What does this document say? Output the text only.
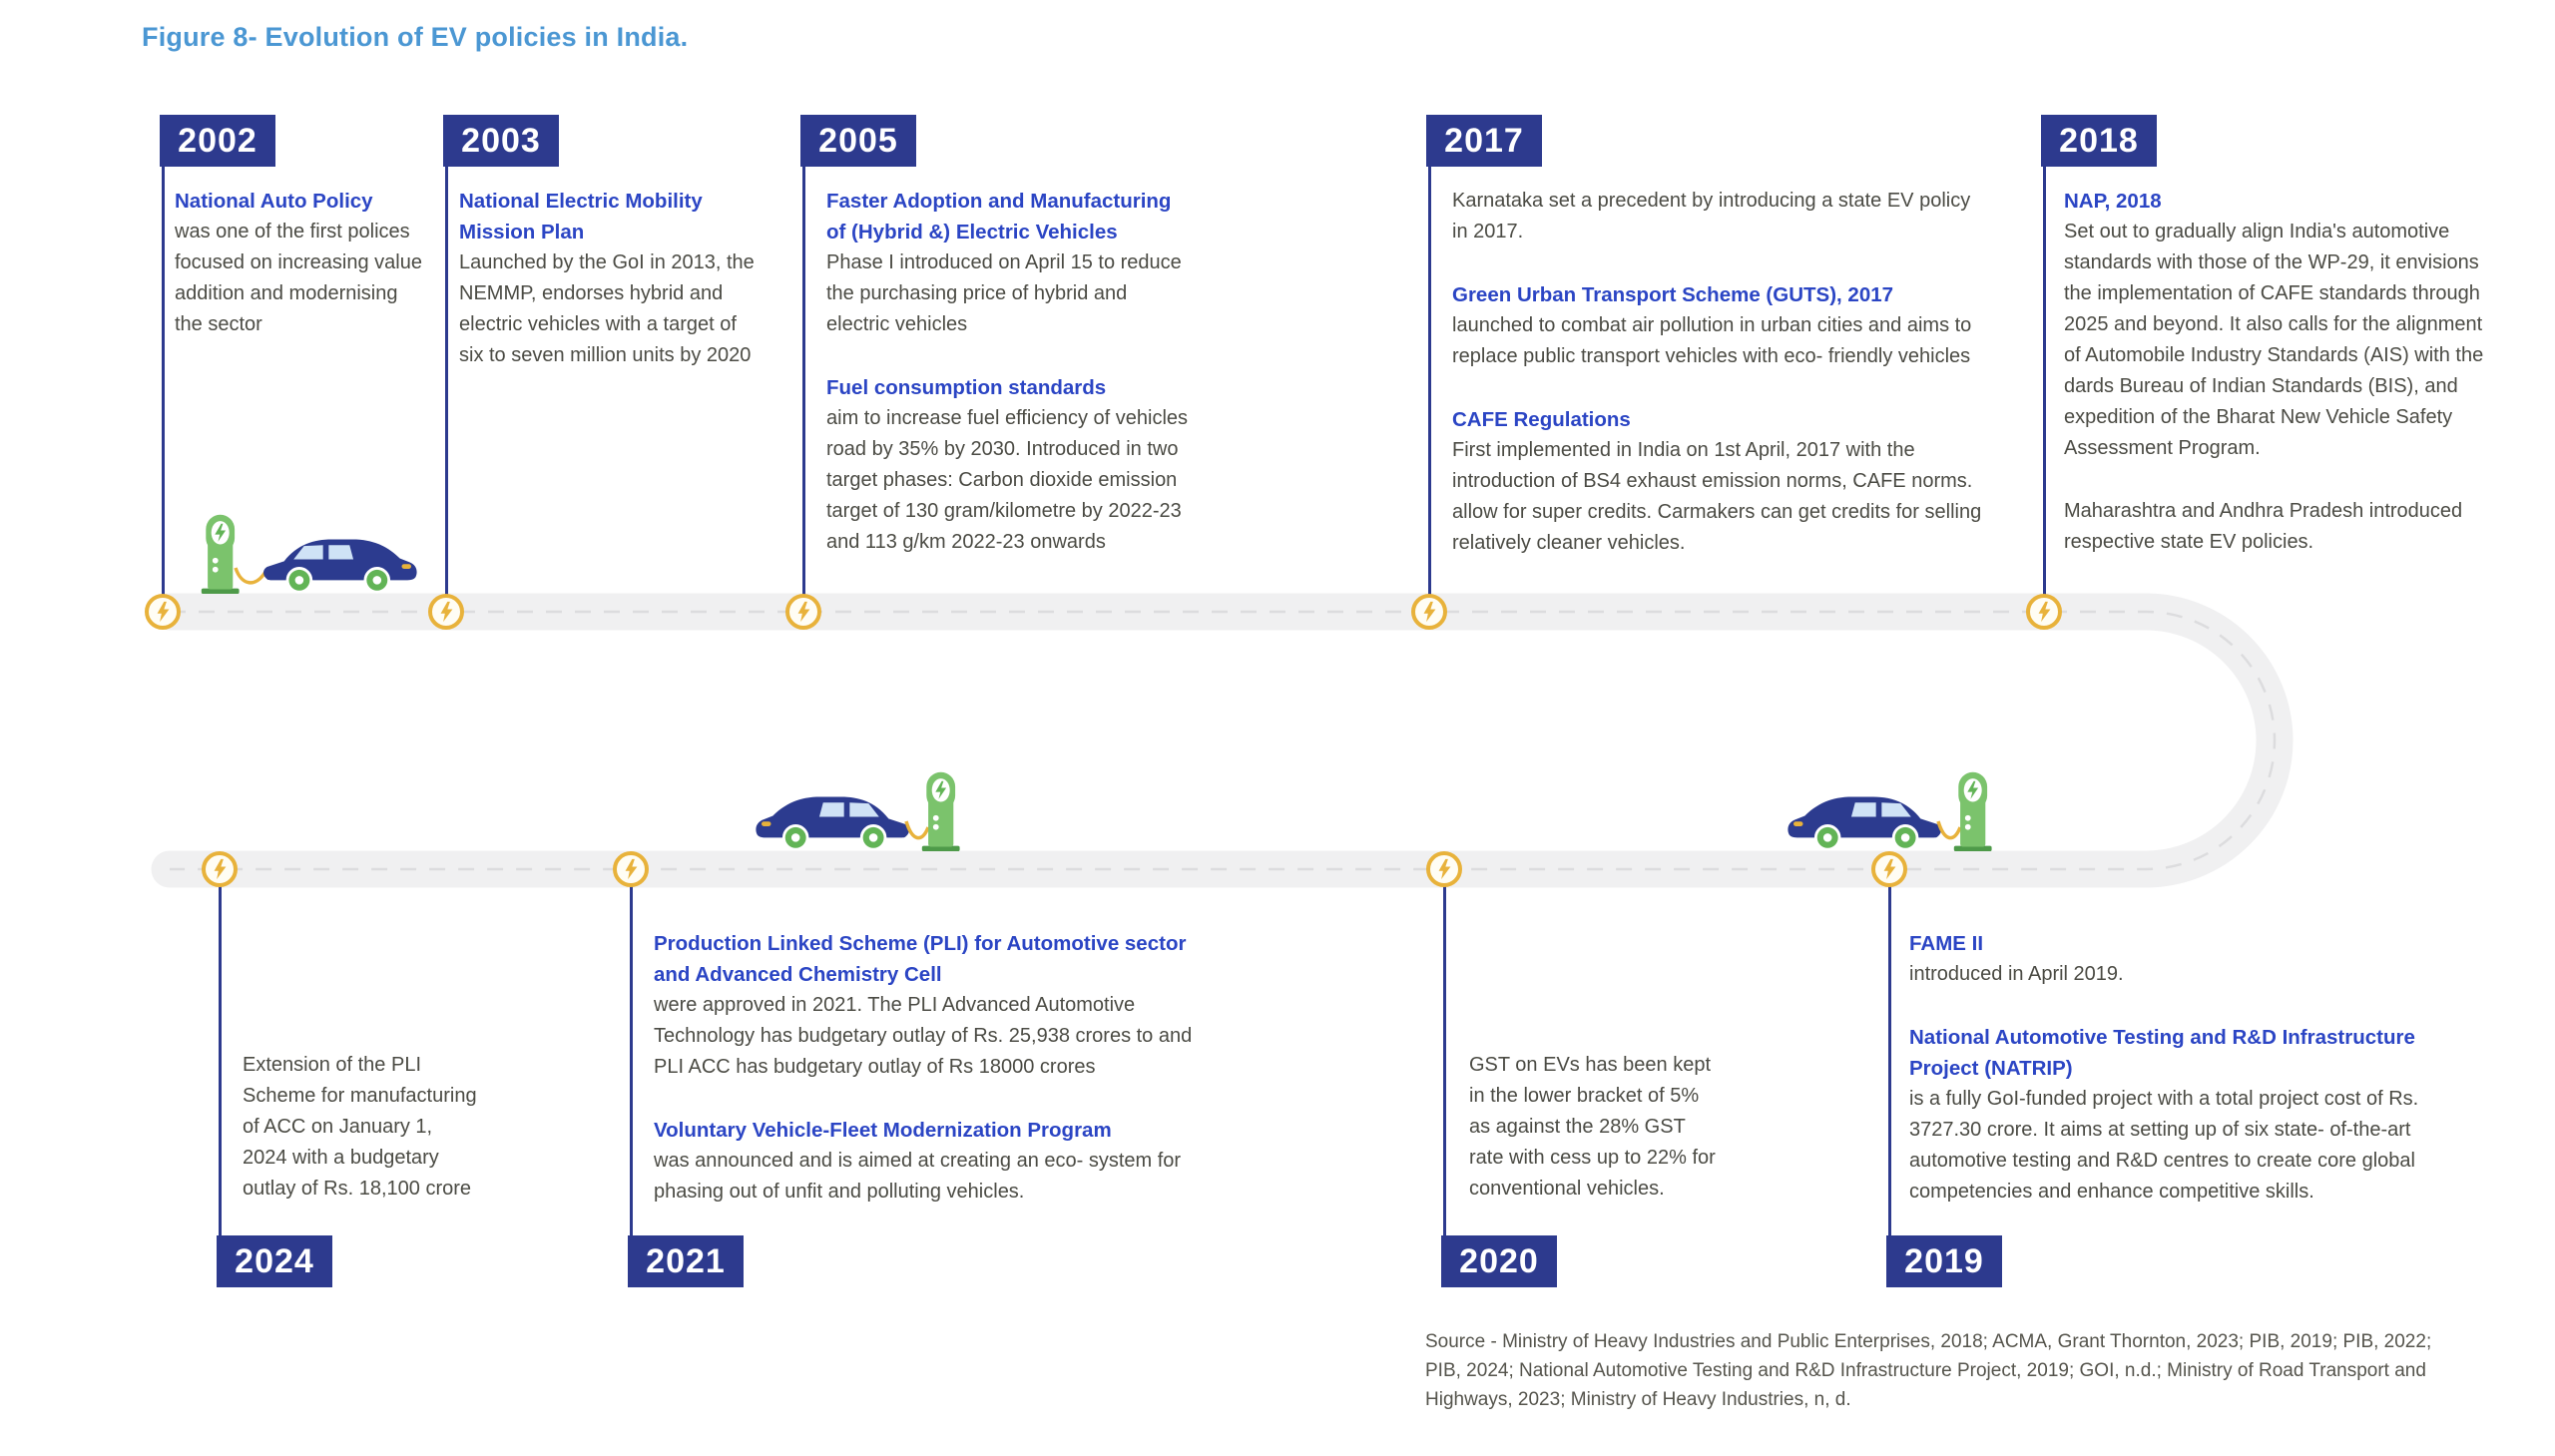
Figure 8- Evolution of EV policies in India.
2002	2003	2005	2017	2018
2024	2021	2020	2019
National Auto Policy
was one of the first polices focused on increasing value addition and modernising the sector
National Electric Mobility Mission Plan
Launched by the GoI in 2013, the NEMMP, endorses hybrid and electric vehicles with a target of six to seven million units by 2020
Faster Adoption and Manufacturing of (Hybrid &) Electric Vehicles
Phase I introduced on April 15 to reduce the purchasing price of hybrid and electric vehicles
Fuel consumption standards
aim to increase fuel efficiency of vehicles road by 35% by 2030. Introduced in two target phases: Carbon dioxide emission target of 130 gram/kilometre by 2022-23 and 113 g/km 2022-23 onwards
Karnataka set a precedent by introducing a state EV policy in 2017.
Green Urban Transport Scheme (GUTS), 2017
launched to combat air pollution in urban cities and aims to replace public transport vehicles with eco- friendly vehicles
CAFE Regulations
First implemented in India on 1st April, 2017 with the introduction of BS4 exhaust emission norms, CAFE norms. allow for super credits. Carmakers can get credits for selling relatively cleaner vehicles.
NAP, 2018
Set out to gradually align India's automotive standards with those of the WP-29, it envisions the implementation of CAFE standards through 2025 and beyond. It also calls for the alignment of Automobile Industry Standards (AIS) with the dards Bureau of Indian Standards (BIS), and expedition of the Bharat New Vehicle Safety Assessment Program.
Maharashtra and Andhra Pradesh introduced respective state EV policies.
Extension of the PLI Scheme for manufacturing of ACC on January 1, 2024 with a budgetary outlay of Rs. 18,100 crore
Production Linked Scheme (PLI) for Automotive sector and Advanced Chemistry Cell
were approved in 2021. The PLI Advanced Automotive Technology has budgetary outlay of Rs. 25,938 crores to and PLI ACC has budgetary outlay of Rs 18000 crores
Voluntary Vehicle-Fleet Modernization Program
was announced and is aimed at creating an eco- system for phasing out of unfit and polluting vehicles.
GST on EVs has been kept in the lower bracket of 5% as against the 28% GST rate with cess up to 22% for conventional vehicles.
FAME II
introduced in April 2019.
National Automotive Testing and R&D Infrastructure Project (NATRIP)
is a fully GoI-funded project with a total project cost of Rs. 3727.30 crore. It aims at setting up of six state- of-the-art automotive testing and R&D centres to create core global competencies and enhance competitive skills.
Source - Ministry of Heavy Industries and Public Enterprises, 2018; ACMA, Grant Thornton, 2023; PIB, 2019; PIB, 2022; PIB, 2024; National Automotive Testing and R&D Infrastructure Project, 2019; GOI, n.d.; Ministry of Road Transport and Highways, 2023; Ministry of Heavy Industries, n, d.
